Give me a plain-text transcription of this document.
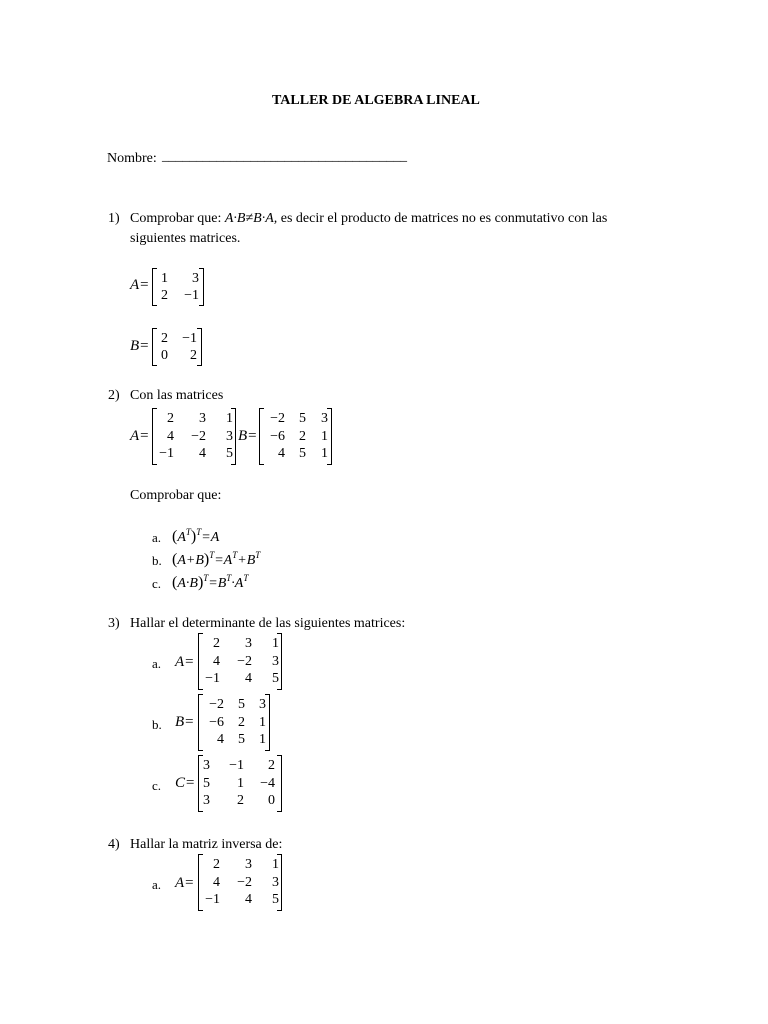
TALLER DE ALGEBRA LINEAL
Nombre: ____________________________________
1) Comprobar que: A·B≠B·A, es decir el producto de matrices no es conmutativo con las
siguientes matrices.
A= 1	3
2	−1
B= 2	−1
0	2
2) Con las matrices
A=
2	3	1
4	−2	3
−1	4	5
B=
−2	5	3
−6	2	1
4	5	1
Comprobar que:
a. $(A^T)^T=A$
b. $(A+B)^T=A^T+B^T$
c. $(A\cdot B)^T=B^T\cdot A^T$
3) Hallar el determinante de las siguientes matrices:
a. A=
2	3	1
4	−2	3
−1	4	5
b. B=
−2	5	3
−6	2	1
4	5	1
c. C=
3	−1	2
5	1	−4
3	2	0
4) Hallar la matriz inversa de:
a. A=
2	3	1
4	−2	3
−1	4	5
